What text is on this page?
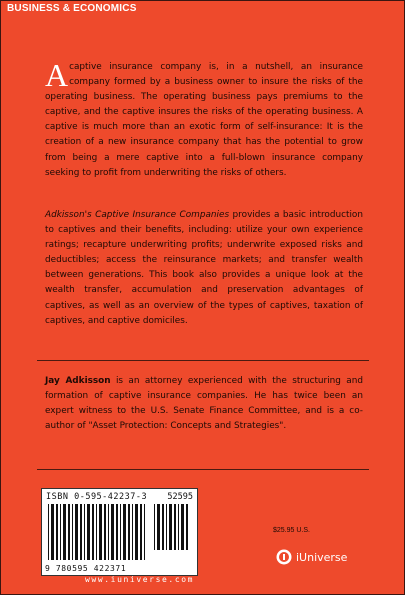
BUSINESS & ECONOMICS

Acaptive insurance company is, in a nutshell, an insurance company formed by a business owner to insure the risks of the operating business. The operating business pays premiums to the captive, and the captive insures the risks of the operating business. A captive is much more than an exotic form of self-insurance: It is the creation of a new insurance company that has the potential to grow from being a mere captive into a full-blown insurance company seeking to profit from underwriting the risks of others.

Adkisson's Captive Insurance Companies provides a basic introduction to captives and their benefits, including: utilize your own experience ratings; recapture underwriting profits; underwrite exposed risks and deductibles; access the reinsurance markets; and transfer wealth between generations. This book also provides a unique look at the wealth transfer, accumulation and preservation advantages of captives, as well as an overview of the types of captives, taxation of captives, and captive domiciles.

Jay Adkisson is an attorney experienced with the structuring and formation of captive insurance companies. He has twice been an expert witness to the U.S. Senate Finance Committee, and is a co-author of "Asset Protection: Concepts and Strategies".

ISBN 0-595-42237-3 52595
9 780595 422371
$25.95 U.S.
iUniverse
www.iuniverse.com
